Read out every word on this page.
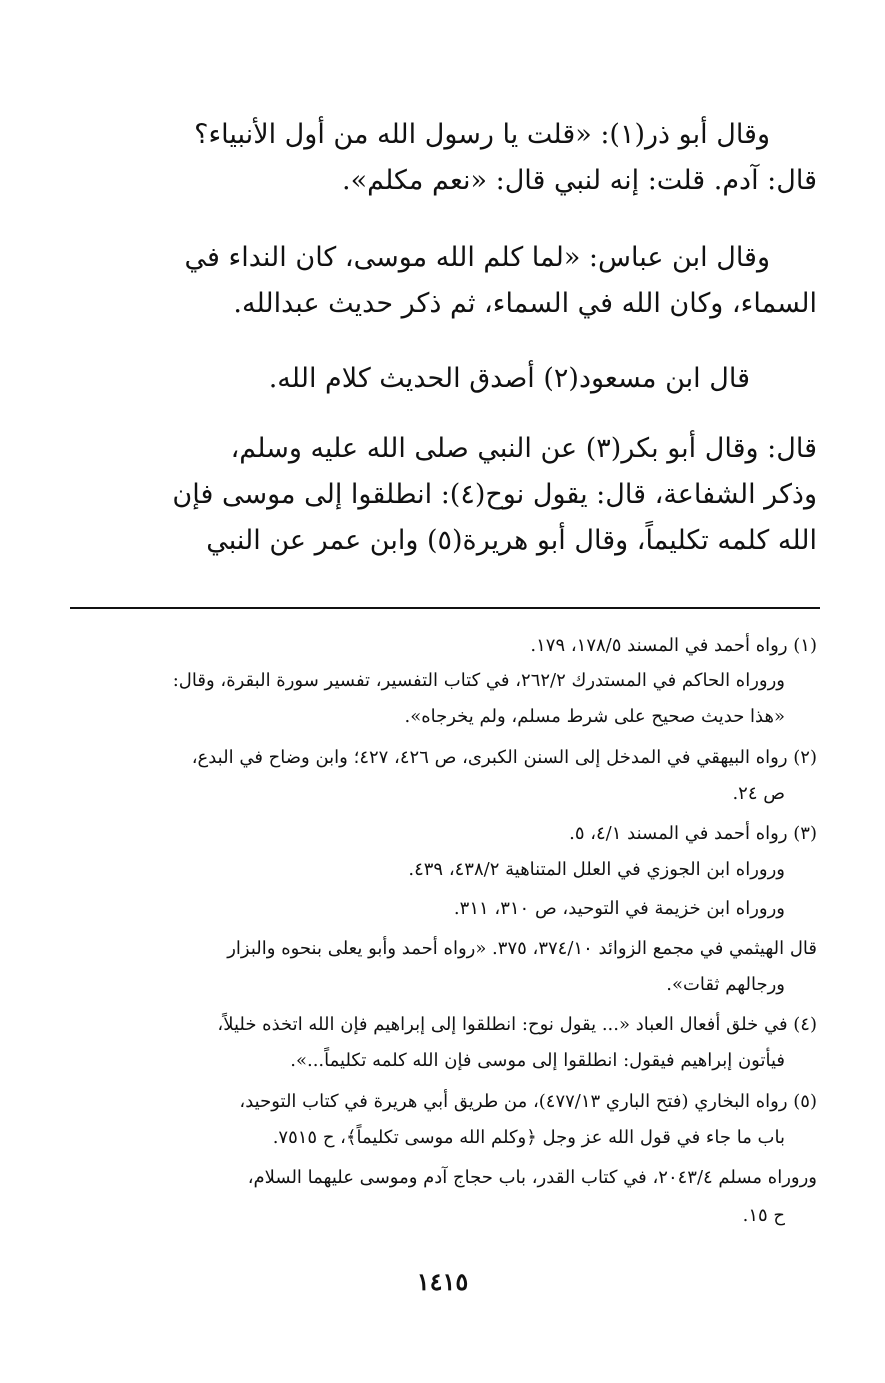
وقال أبو ذر(١): «قلت يا رسول الله من أول الأنبياء؟
قال: آدم. قلت: إنه لنبي قال: «نعم مكلم».
وقال ابن عباس: «لما كلم الله موسى، كان النداء في
السماء، وكان الله في السماء، ثم ذكر حديث عبدالله.
قال ابن مسعود(٢) أصدق الحديث كلام الله.
قال: وقال أبو بكر(٣) عن النبي صلى الله عليه وسلم،
وذكر الشفاعة، قال: يقول نوح(٤): انطلقوا إلى موسى فإن
الله كلمه تكليماً، وقال أبو هريرة(٥) وابن عمر عن النبي
(١) رواه أحمد في المسند ١٧٨/٥، ١٧٩.
وروراه الحاكم في المستدرك ٢٦٢/٢، في كتاب التفسير، تفسير سورة البقرة، وقال:
«هذا حديث صحيح على شرط مسلم، ولم يخرجاه».
(٢) رواه البيهقي في المدخل إلى السنن الكبرى، ص ٤٢٦، ٤٢٧؛ وابن وضاح في البدع،
ص ٢٤.
(٣) رواه أحمد في المسند ٤/١، ٥.
وروراه ابن الجوزي في العلل المتناهية ٤٣٨/٢، ٤٣٩.
وروراه ابن خزيمة في التوحيد، ص ٣١٠، ٣١١.
قال الهيثمي في مجمع الزوائد ٣٧٤/١٠، ٣٧٥. «رواه أحمد وأبو يعلى بنحوه والبزار
ورجالهم ثقات».
(٤) في خلق أفعال العباد «... يقول نوح: انطلقوا إلى إبراهيم فإن الله اتخذه خليلاً،
فيأتون إبراهيم فيقول: انطلقوا إلى موسى فإن الله كلمه تكليماً...».
(٥) رواه البخاري (فتح الباري ٤٧٧/١٣)، من طريق أبي هريرة في كتاب التوحيد،
باب ما جاء في قول الله عز وجل ﴿وكلم الله موسى تكليماً﴾، ح ٧٥١٥.
وروراه مسلم ٢٠٤٣/٤، في كتاب القدر، باب حجاج آدم وموسى عليهما السلام،
ح ١٥.
١٤١٥
